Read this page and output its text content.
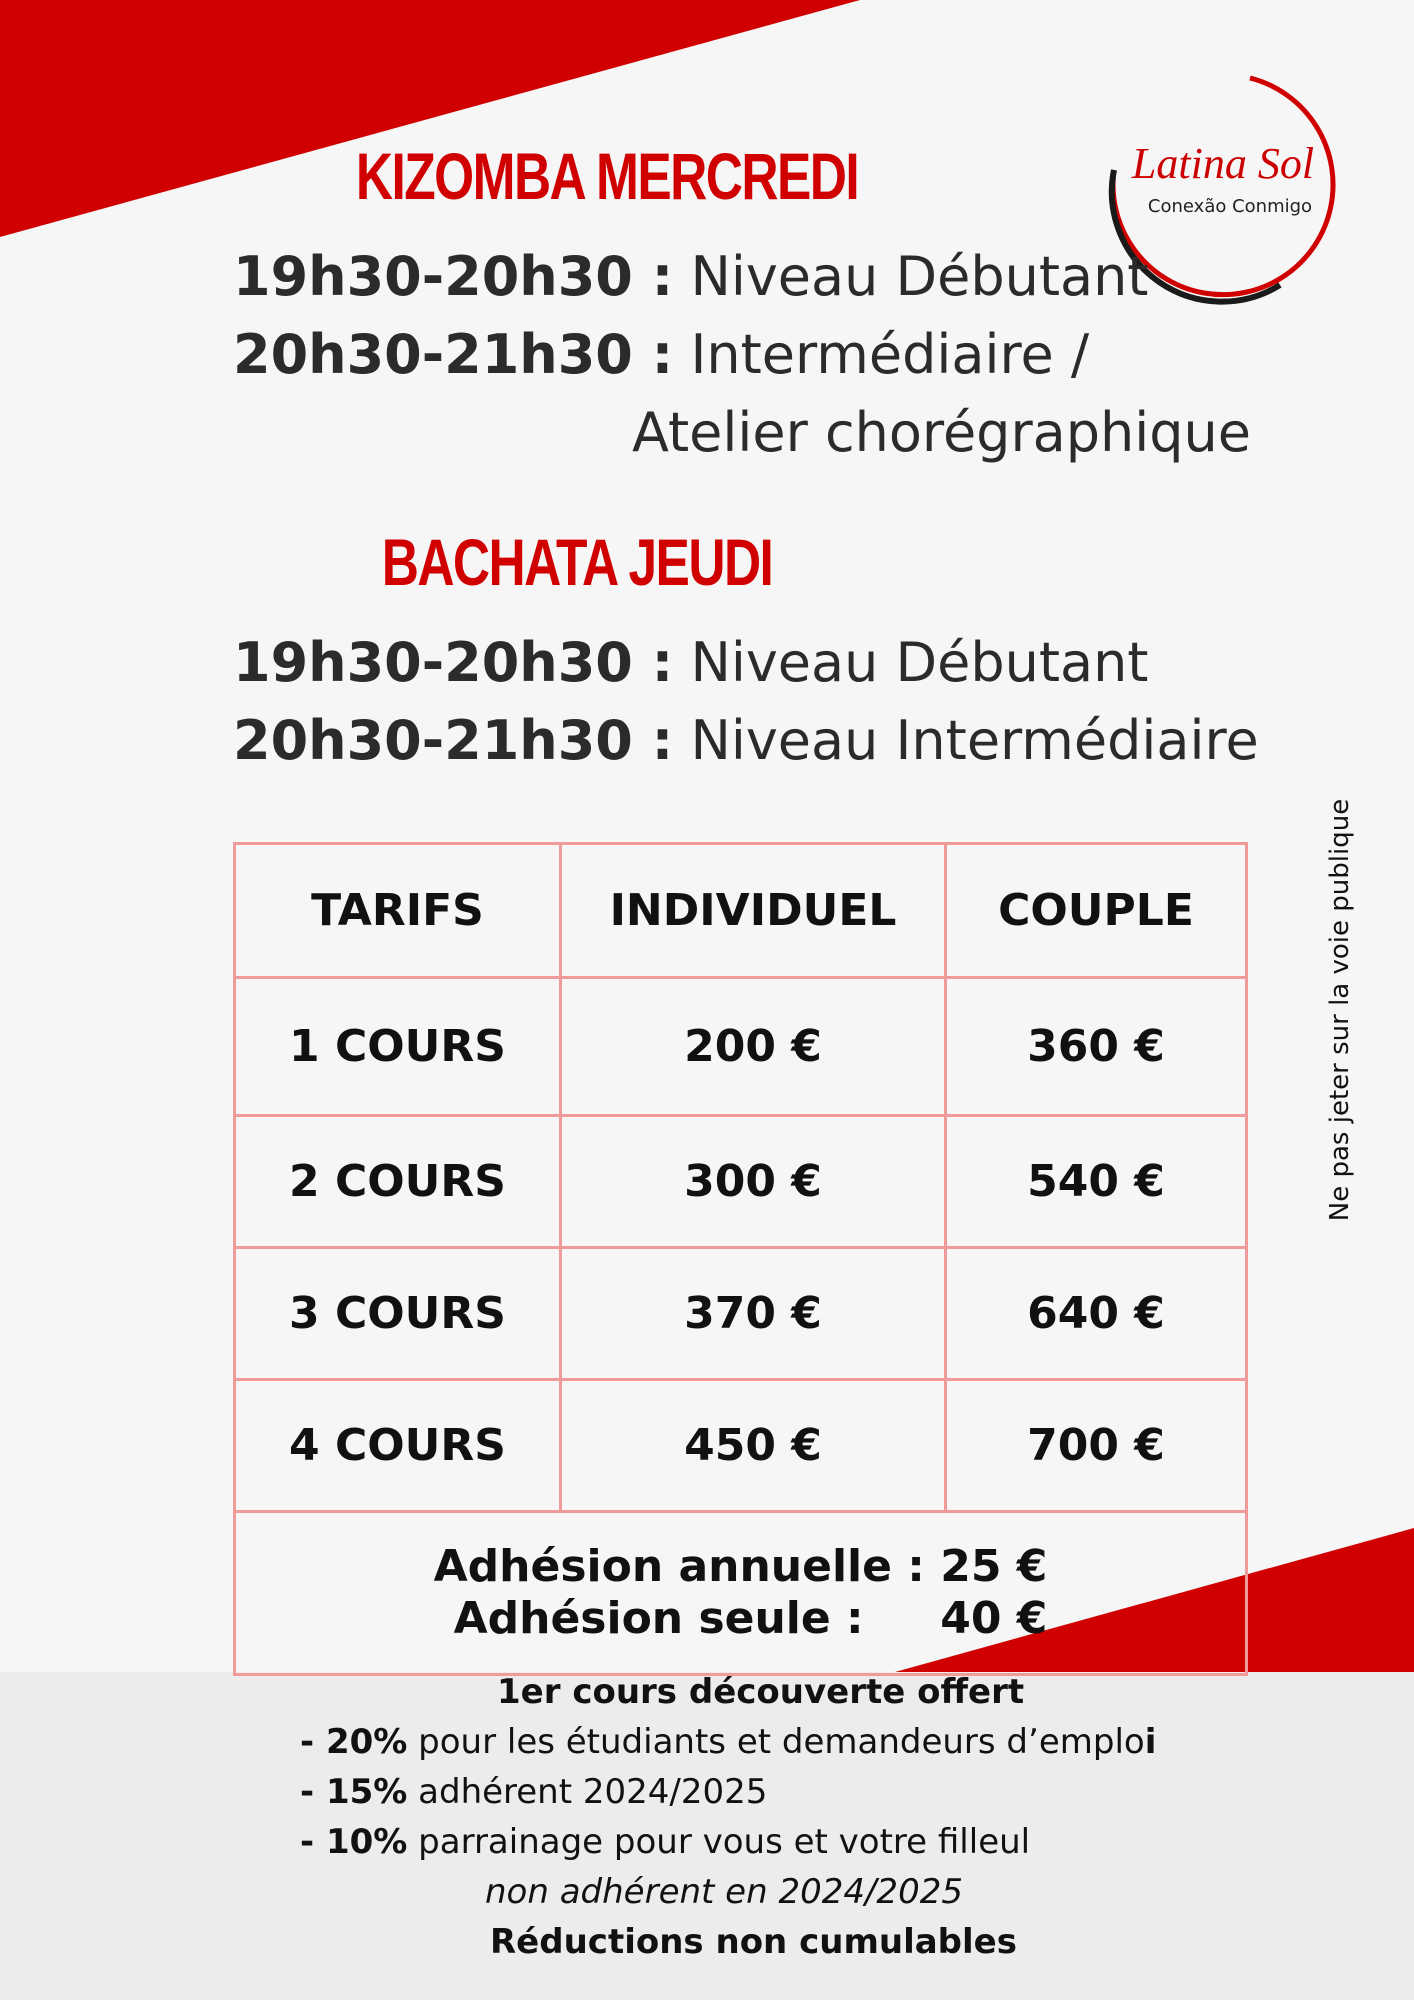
Latina Sol
Conexão Conmigo
KIZOMBA MERCREDI
19h30-20h30 : Niveau Débutant
20h30-21h30 : Intermédiaire /
Atelier chorégraphique
BACHATA JEUDI
19h30-20h30 : Niveau Débutant
20h30-21h30 : Niveau Intermédiaire
TARIFS	INDIVIDUEL	COUPLE
1 COURS	200 €	360 €
2 COURS	300 €	540 €
3 COURS	370 €	640 €
4 COURS	450 €	700 €

Adhésion annuelle : 25 €
Adhésion seule :     40 €		
Ne pas jeter sur la voie publique
1er cours découverte offert
- 20% pour les étudiants et demandeurs d’emploi
- 15% adhérent 2024/2025
- 10% parrainage pour vous et votre filleul
non adhérent en 2024/2025
Réductions non cumulables
